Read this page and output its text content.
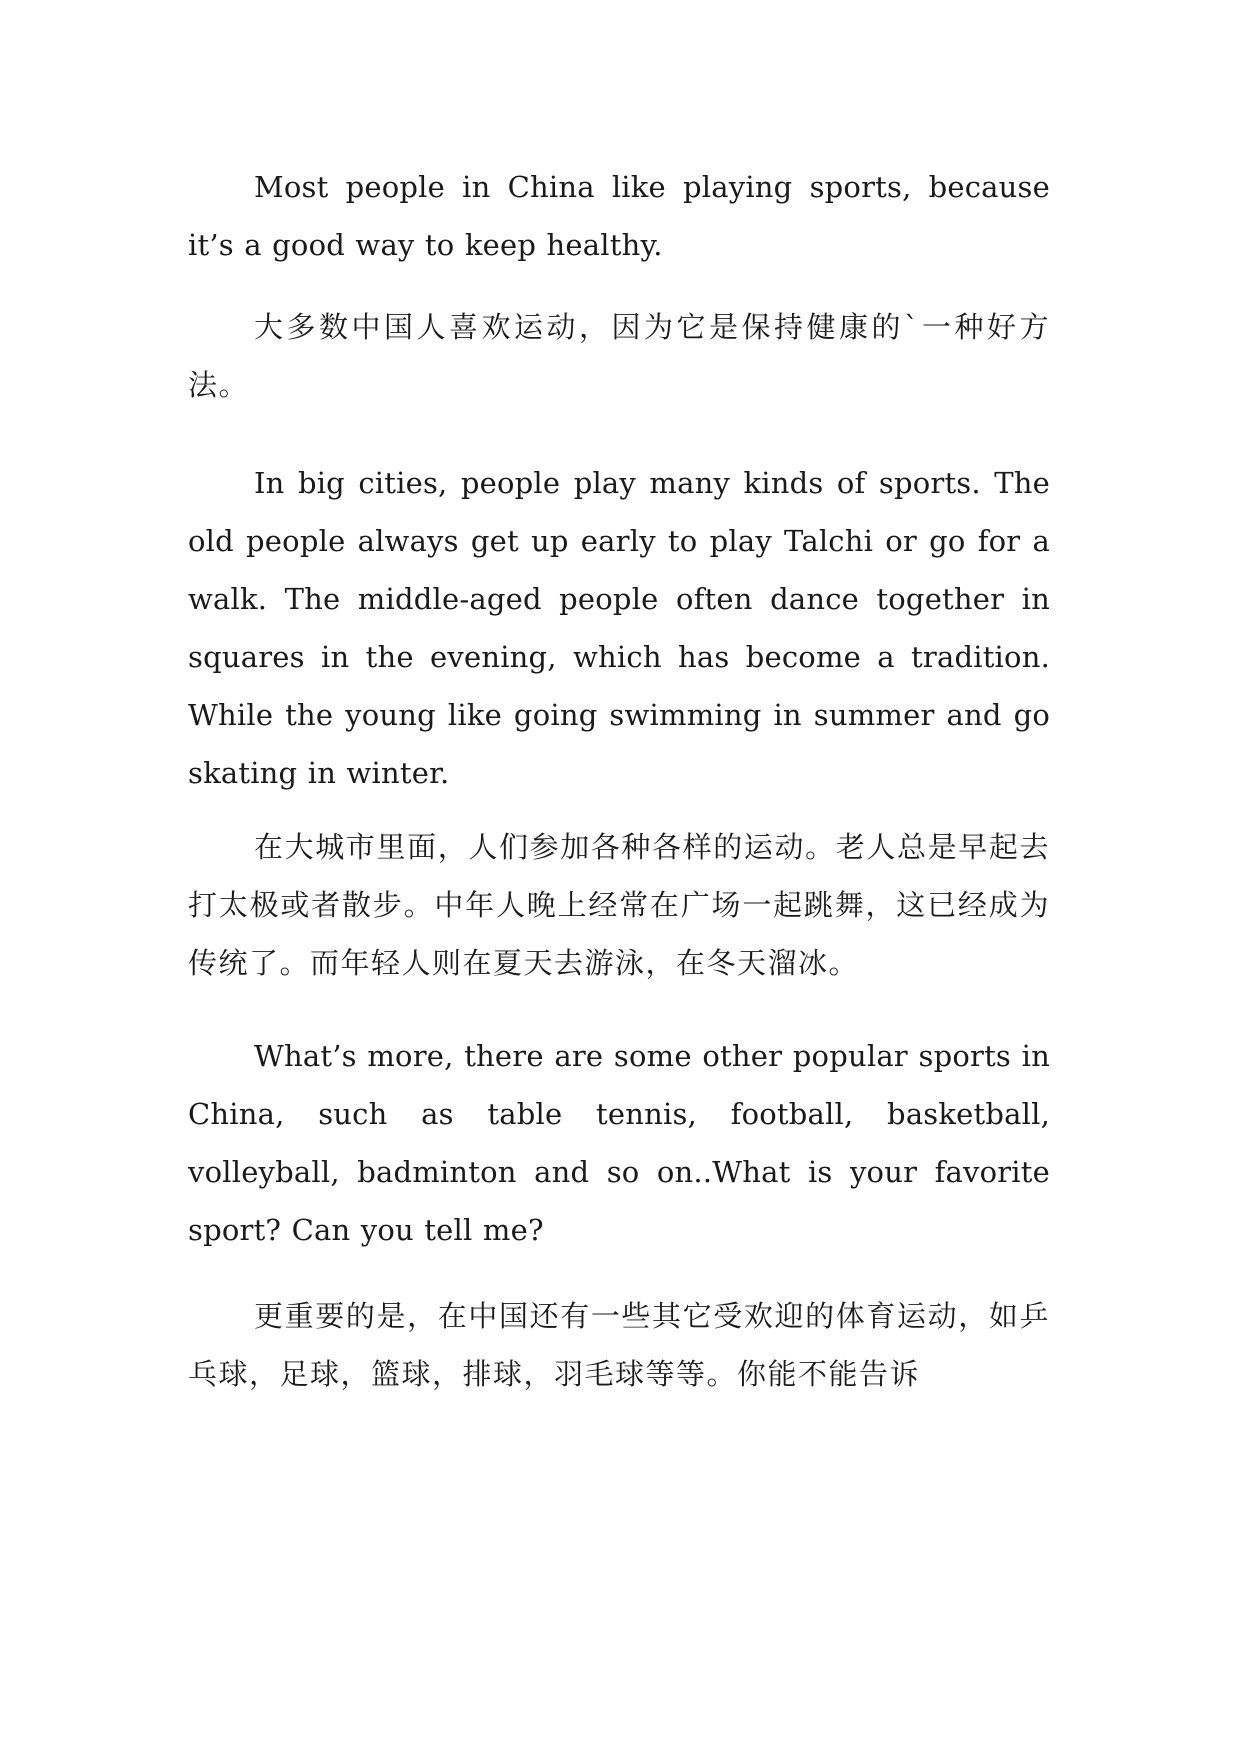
Most people in China like playing sports, because it’s a good way to keep healthy.

大多数中国人喜欢运动，因为它是保持健康的`一种好方法。

In big cities, people play many kinds of sports. The old people always get up early to play Talchi or go for a walk. The middle-aged people often dance together in squares in the evening, which has become a tradition. While the young like going swimming in summer and go skating in winter.

在大城市里面，人们参加各种各样的运动。老人总是早起去打太极或者散步。中年人晚上经常在广场一起跳舞，这已经成为传统了。而年轻人则在夏天去游泳，在冬天溜冰。

What’s more, there are some other popular sports in China, such as table tennis, football, basketball, volleyball, badminton and so on..What is your favorite sport? Can you tell me?

更重要的是，在中国还有一些其它受欢迎的体育运动，如乒乓球，足球，篮球，排球，羽毛球等等。你能不能告诉
